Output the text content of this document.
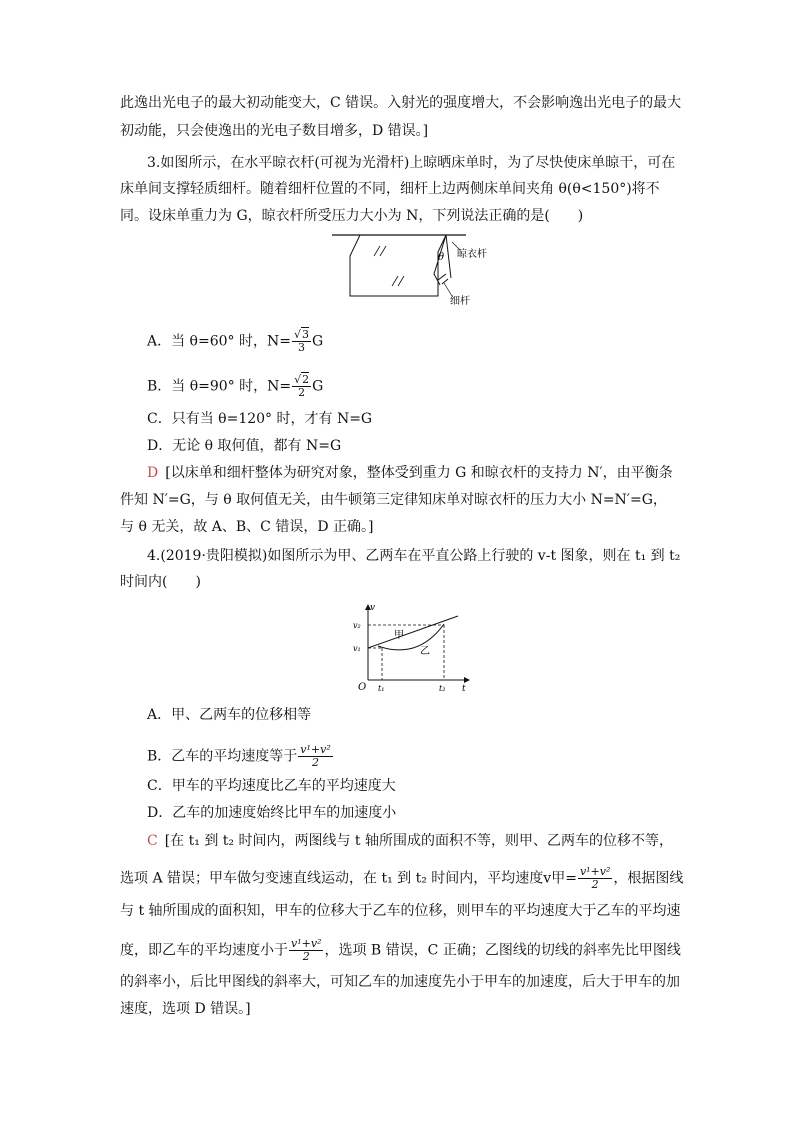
此逸出光电子的最大初动能变大，C 错误。入射光的强度增大，不会影响逸出光电子的最大
初动能，只会使逸出的光电子数目增多，D 错误。]
3.如图所示，在水平晾衣杆(可视为光滑杆)上晾晒床单时，为了尽快使床单晾干，可在
床单间支撑轻质细杆。随着细杆位置的不同，细杆上边两侧床单间夹角 θ(θ<150°)将不
同。设床单重力为 G，晾衣杆所受压力大小为 N，下列说法正确的是(　　)
θ 晾衣杆
细杆
A．当 θ=60° 时，$N= \frac{√3}{3}$ G
B．当 θ=90° 时，$N= \frac{√2}{2}$ G
C．只有当 θ=120° 时，才有 N=G
D．无论 θ 取何值，都有 N=G
D  [以床单和细杆整体为研究对象，整体受到重力 G 和晾衣杆的支持力 N′，由平衡条
件知 N′=G，与 θ 取何值无关，由牛顿第三定律知床单对晾衣杆的压力大小 N=N′=G，
与 θ 无关，故 A、B、C 错误，D 正确。]
4.(2019·贵阳模拟)如图所示为甲、乙两车在平直公路上行驶的 v-t 图象，则在 t₁ 到 t₂
时间内(　　)
v
t
O
v₂
v₁
t₁	t₂
甲
乙
A．甲、乙两车的位移相等
B．乙车的平均速度等于 $\frac{\text{v¹+v²}}{2}$
C．甲车的平均速度比乙车的平均速度大
D．乙车的加速度始终比甲车的加速度小
C  [在 t₁ 到 t₂ 时间内，两图线与 t 轴所围成的面积不等，则甲、乙两车的位移不等，
选项 A 错误；甲车做匀变速直线运动，在 t₁ 到 t₂ 时间内，平均速度v甲= $\frac{\text{v¹+v²}}{2}$ ，根据图线
与 t 轴所围成的面积知，甲车的位移大于乙车的位移，则甲车的平均速度大于乙车的平均速
度，即乙车的平均速度小于 $\frac{\text{v¹+v²}}{2}$ ，选项 B 错误，C 正确；乙图线的切线的斜率先比甲图线
的斜率小，后比甲图线的斜率大，可知乙车的加速度先小于甲车的加速度，后大于甲车的加
速度，选项 D 错误。]
